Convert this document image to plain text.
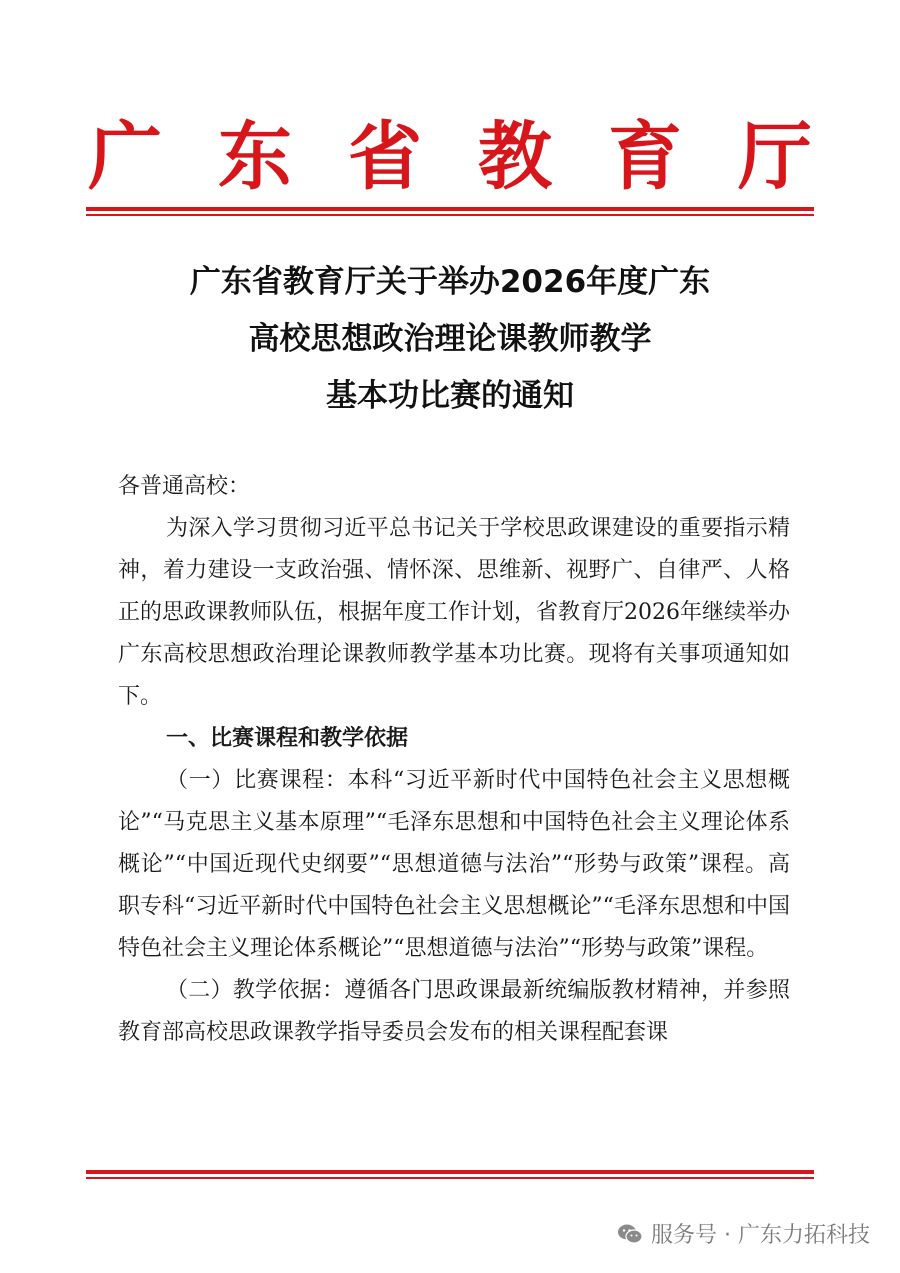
广 东 省 教 育 厅
广东省教育厅关于举办2026年度广东
高校思想政治理论课教师教学
基本功比赛的通知

各普通高校：

为深入学习贯彻习近平总书记关于学校思政课建设的重要指示精神，着力建设一支政治强、情怀深、思维新、视野广、自律严、人格正的思政课教师队伍，根据年度工作计划，省教育厅2026年继续举办广东高校思想政治理论课教师教学基本功比赛。现将有关事项通知如下。

一、比赛课程和教学依据

（一）比赛课程：本科“习近平新时代中国特色社会主义思想概论”“马克思主义基本原理”“毛泽东思想和中国特色社会主义理论体系概论”“中国近现代史纲要”“思想道德与法治”“形势与政策”课程。高职专科“习近平新时代中国特色社会主义思想概论”“毛泽东思想和中国特色社会主义理论体系概论”“思想道德与法治”“形势与政策”课程。

（二）教学依据：遵循各门思政课最新统编版教材精神，并参照教育部高校思政课教学指导委员会发布的相关课程配套课

服务号 · 广东力拓科技
